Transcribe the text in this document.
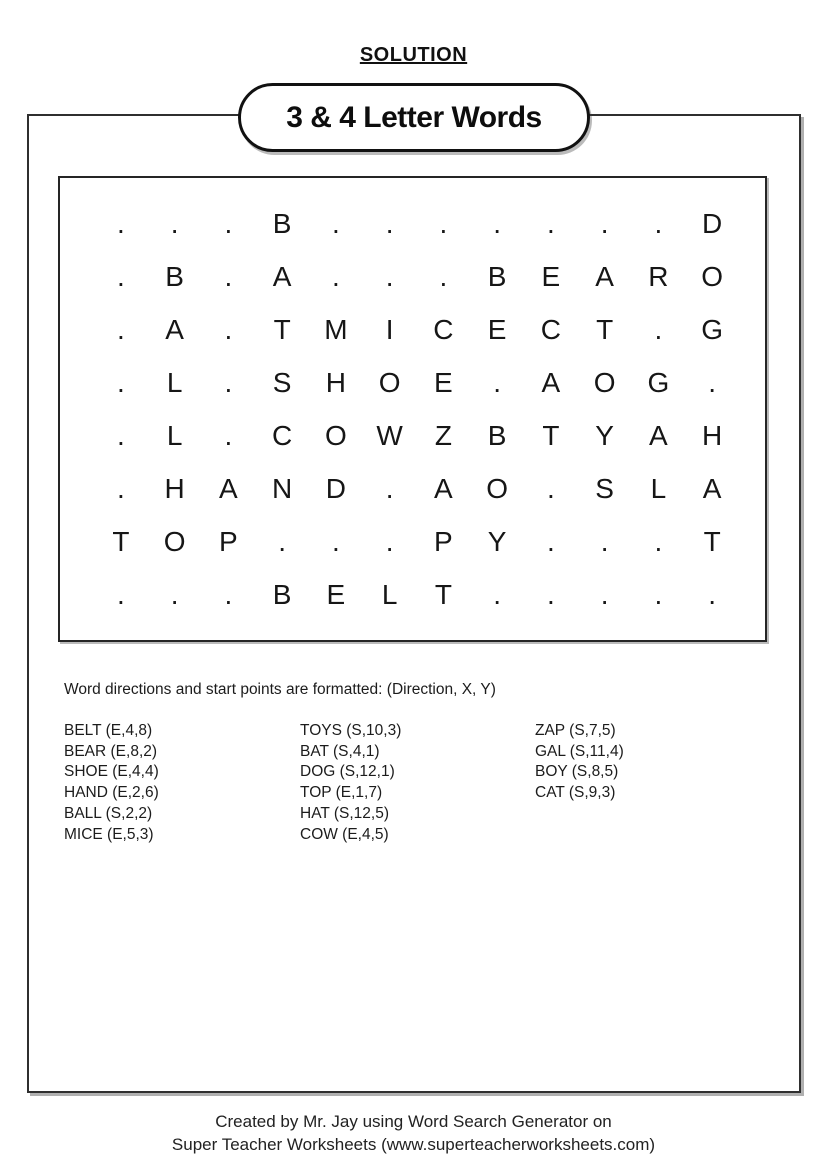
SOLUTION
3 & 4 Letter Words
.	.	.	B	.	.	.	.	.	.	.	D
.	B	.	A	.	.	.	B	E	A	R	O
.	A	.	T	M	I	C	E	C	T	.	G
.	L	.	S	H	O	E	.	A	O	G	.
.	L	.	C	O	W	Z	B	T	Y	A	H
.	H	A	N	D	.	A	O	.	S	L	A
T	O	P	.	.	.	P	Y	.	.	.	T
.	.	.	B	E	L	T	.	.	.	.	.
Word directions and start points are formatted: (Direction, X, Y)
BELT (E,4,8)
BEAR (E,8,2)
SHOE (E,4,4)
HAND (E,2,6)
BALL (S,2,2)
MICE (E,5,3)
TOYS (S,10,3)
BAT (S,4,1)
DOG (S,12,1)
TOP (E,1,7)
HAT (S,12,5)
COW (E,4,5)
ZAP (S,7,5)
GAL (S,11,4)
BOY (S,8,5)
CAT (S,9,3)
Created by Mr. Jay using Word Search Generator on
Super Teacher Worksheets (www.superteacherworksheets.com)
